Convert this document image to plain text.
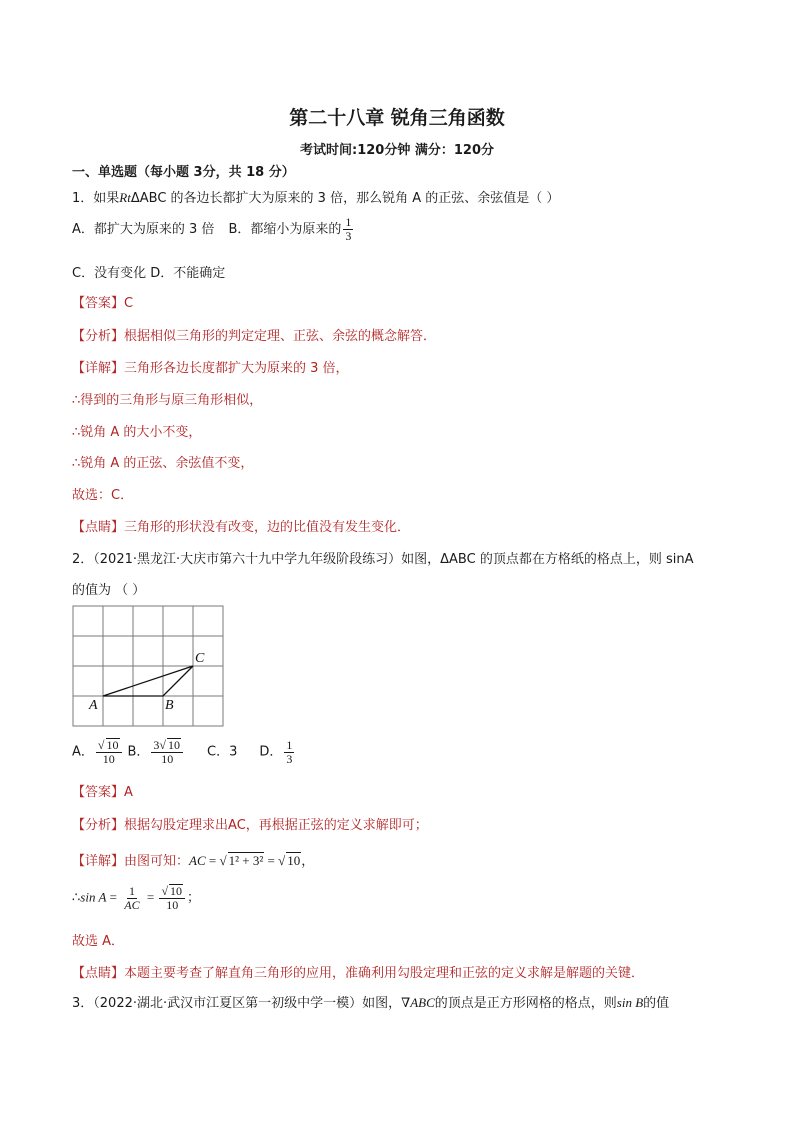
第二十八章 锐角三角函数
考试时间:120分钟 满分：120分
一、单选题（每小题 3分，共 18 分）
1．如果RtΔABC 的各边长都扩大为原来的 3 倍，那么锐角 A 的正弦、余弦值是（ ）
A．都扩大为原来的 3 倍 B．都缩小为原来的 $\frac{1}{3}$
C．没有变化 D．不能确定
【答案】C
【分析】根据相似三角形的判定定理、正弦、余弦的概念解答．
【详解】三角形各边长度都扩大为原来的 3 倍，
∴得到的三角形与原三角形相似，
∴锐角 A 的大小不变，
∴锐角 A 的正弦、余弦值不变，
故选：C．
【点睛】三角形的形状没有改变，边的比值没有发生变化．
2．（2021·黑龙江·大庆市第六十九中学九年级阶段练习）如图，ΔABC 的顶点都在方格纸的格点上，则 sinA
的值为 （ ）
A	B
C
A． $\frac{√ 10}{10}$ B． $\frac{3√ 10}{10}$ C．3 D． $\frac{1}{3}$
【答案】A
【分析】根据勾股定理求出AC，再根据正弦的定义求解即可；
【详解】由图可知：AC = √ 1² + 3² = √ 10，
∴sin $A = \frac{1}{AC} = \frac{√ 10}{10}$ ；
故选 A．
【点睛】本题主要考查了解直角三角形的应用，准确利用勾股定理和正弦的定义求解是解题的关键．
3．（2022·湖北·武汉市江夏区第一初级中学一模）如图，∇ABC的顶点是正方形网格的格点，则sin B的值
